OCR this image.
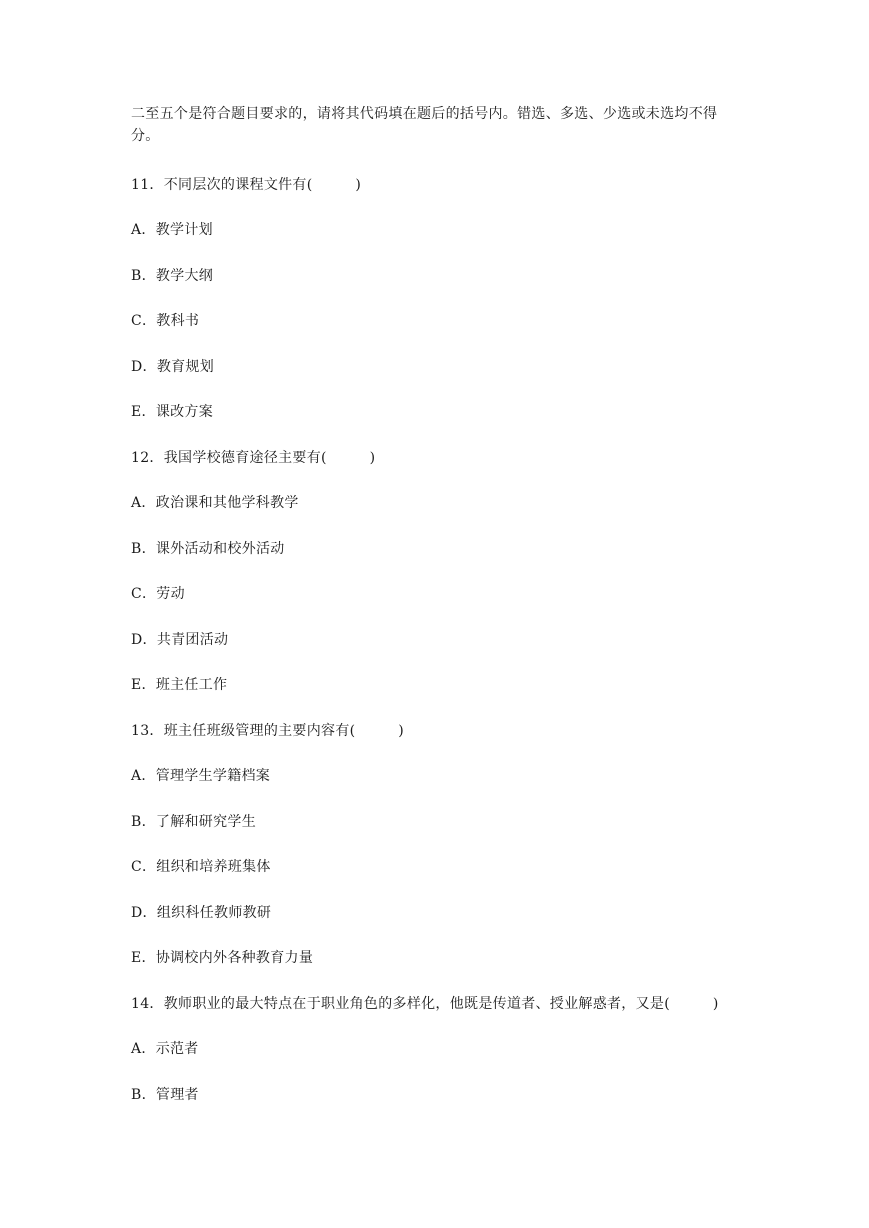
二至五个是符合题目要求的，请将其代码填在题后的括号内。错选、多选、少选或未选均不得分。
11．不同层次的课程文件有(　　　)
A．教学计划
B．教学大纲
C．教科书
D．教育规划
E．课改方案
12．我国学校德育途径主要有(　　　)
A．政治课和其他学科教学
B．课外活动和校外活动
C．劳动
D．共青团活动
E．班主任工作
13．班主任班级管理的主要内容有(　　　)
A．管理学生学籍档案
B．了解和研究学生
C．组织和培养班集体
D．组织科任教师教研
E．协调校内外各种教育力量
14．教师职业的最大特点在于职业角色的多样化，他既是传道者、授业解惑者，又是(　　　)
A．示范者
B．管理者
